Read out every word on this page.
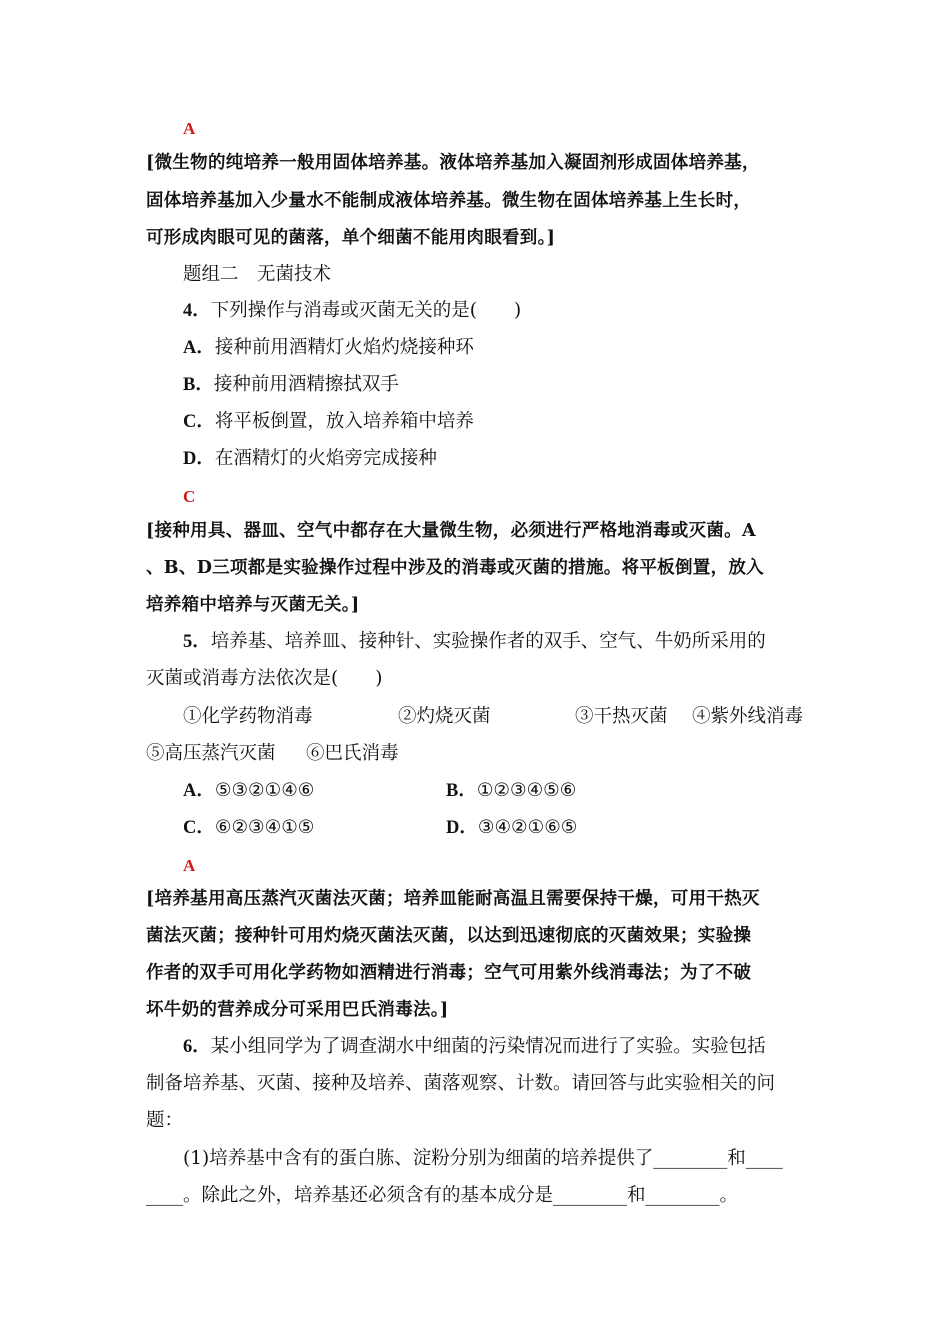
A
[微生物的纯培养一般用固体培养基。液体培养基加入凝固剂形成固体培养基，
固体培养基加入少量水不能制成液体培养基。微生物在固体培养基上生长时，
可形成肉眼可见的菌落，单个细菌不能用肉眼看到。]
题组二　无菌技术
4．下列操作与消毒或灭菌无关的是(　　)
A．接种前用酒精灯火焰灼烧接种环
B．接种前用酒精擦拭双手
C．将平板倒置，放入培养箱中培养
D．在酒精灯的火焰旁完成接种
C
[接种用具、器皿、空气中都存在大量微生物，必须进行严格地消毒或灭菌。A
、B、D三项都是实验操作过程中涉及的消毒或灭菌的措施。将平板倒置，放入
培养箱中培养与灭菌无关。]
5．培养基、培养皿、接种针、实验操作者的双手、空气、牛奶所采用的
灭菌或消毒方法依次是(　　)
①化学药物消毒	②灼烧灭菌	③干热灭菌 ④紫外线消毒
⑤高压蒸汽灭菌 ⑥巴氏消毒
A．⑤③②①④⑥	B．①②③④⑤⑥
C．⑥②③④①⑤	D．③④②①⑥⑤
A
[培养基用高压蒸汽灭菌法灭菌；培养皿能耐高温且需要保持干燥，可用干热灭
菌法灭菌；接种针可用灼烧灭菌法灭菌，以达到迅速彻底的灭菌效果；实验操
作者的双手可用化学药物如酒精进行消毒；空气可用紫外线消毒法；为了不破
坏牛奶的营养成分可采用巴氏消毒法。]
6．某小组同学为了调查湖水中细菌的污染情况而进行了实验。实验包括
制备培养基、灭菌、接种及培养、菌落观察、计数。请回答与此实验相关的问
题：
(1)培养基中含有的蛋白胨、淀粉分别为细菌的培养提供了________和____
____。除此之外，培养基还必须含有的基本成分是________和________。
